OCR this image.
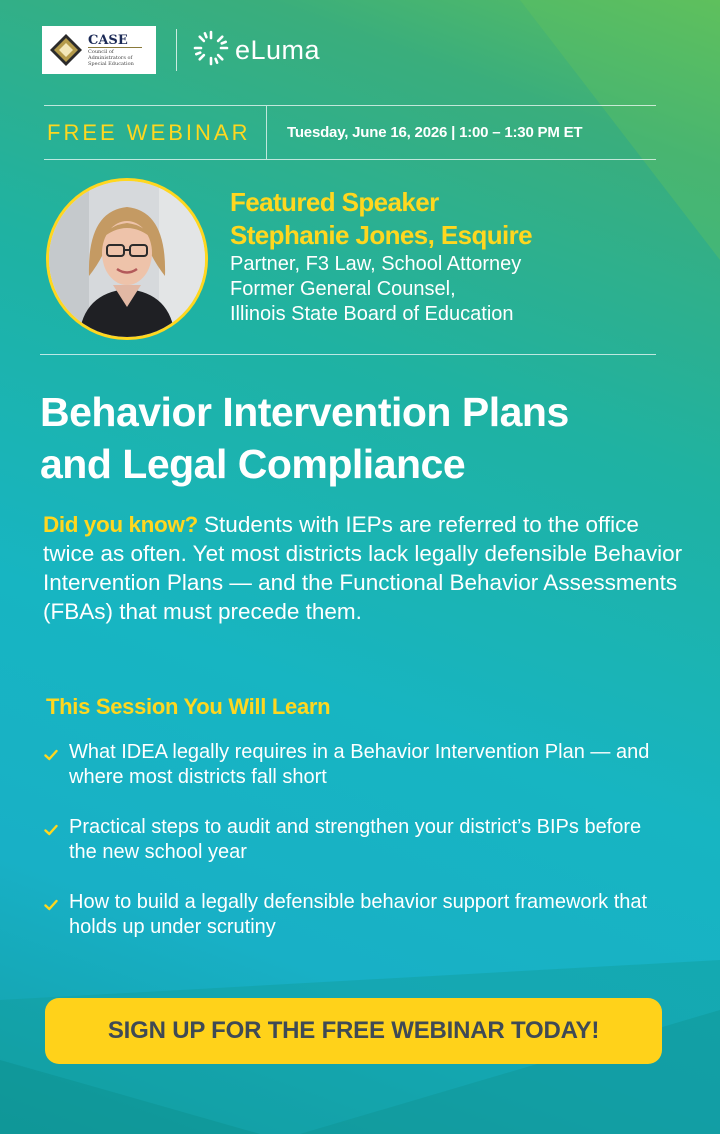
CASE
Council of Administrators of Special Education	eLuma
FREE WEBINAR	Tuesday, June 16, 2026 | 1:00 – 1:30 PM ET
Featured Speaker
Stephanie Jones, Esquire
Partner, F3 Law, School Attorney
Former General Counsel,
Illinois State Board of Education
Behavior Intervention Plans
and Legal Compliance

Did you know? Students with IEPs are referred to the office twice as often. Yet most districts lack legally defensible Behavior Intervention Plans — and the Functional Behavior Assessments (FBAs) that must precede them.

This Session You Will Learn
What IDEA legally requires in a Behavior Intervention Plan — and where most districts fall short
Practical steps to audit and strengthen your district’s BIPs before the new school year
How to build a legally defensible behavior support framework that holds up under scrutiny
SIGN UP FOR THE FREE WEBINAR TODAY!
